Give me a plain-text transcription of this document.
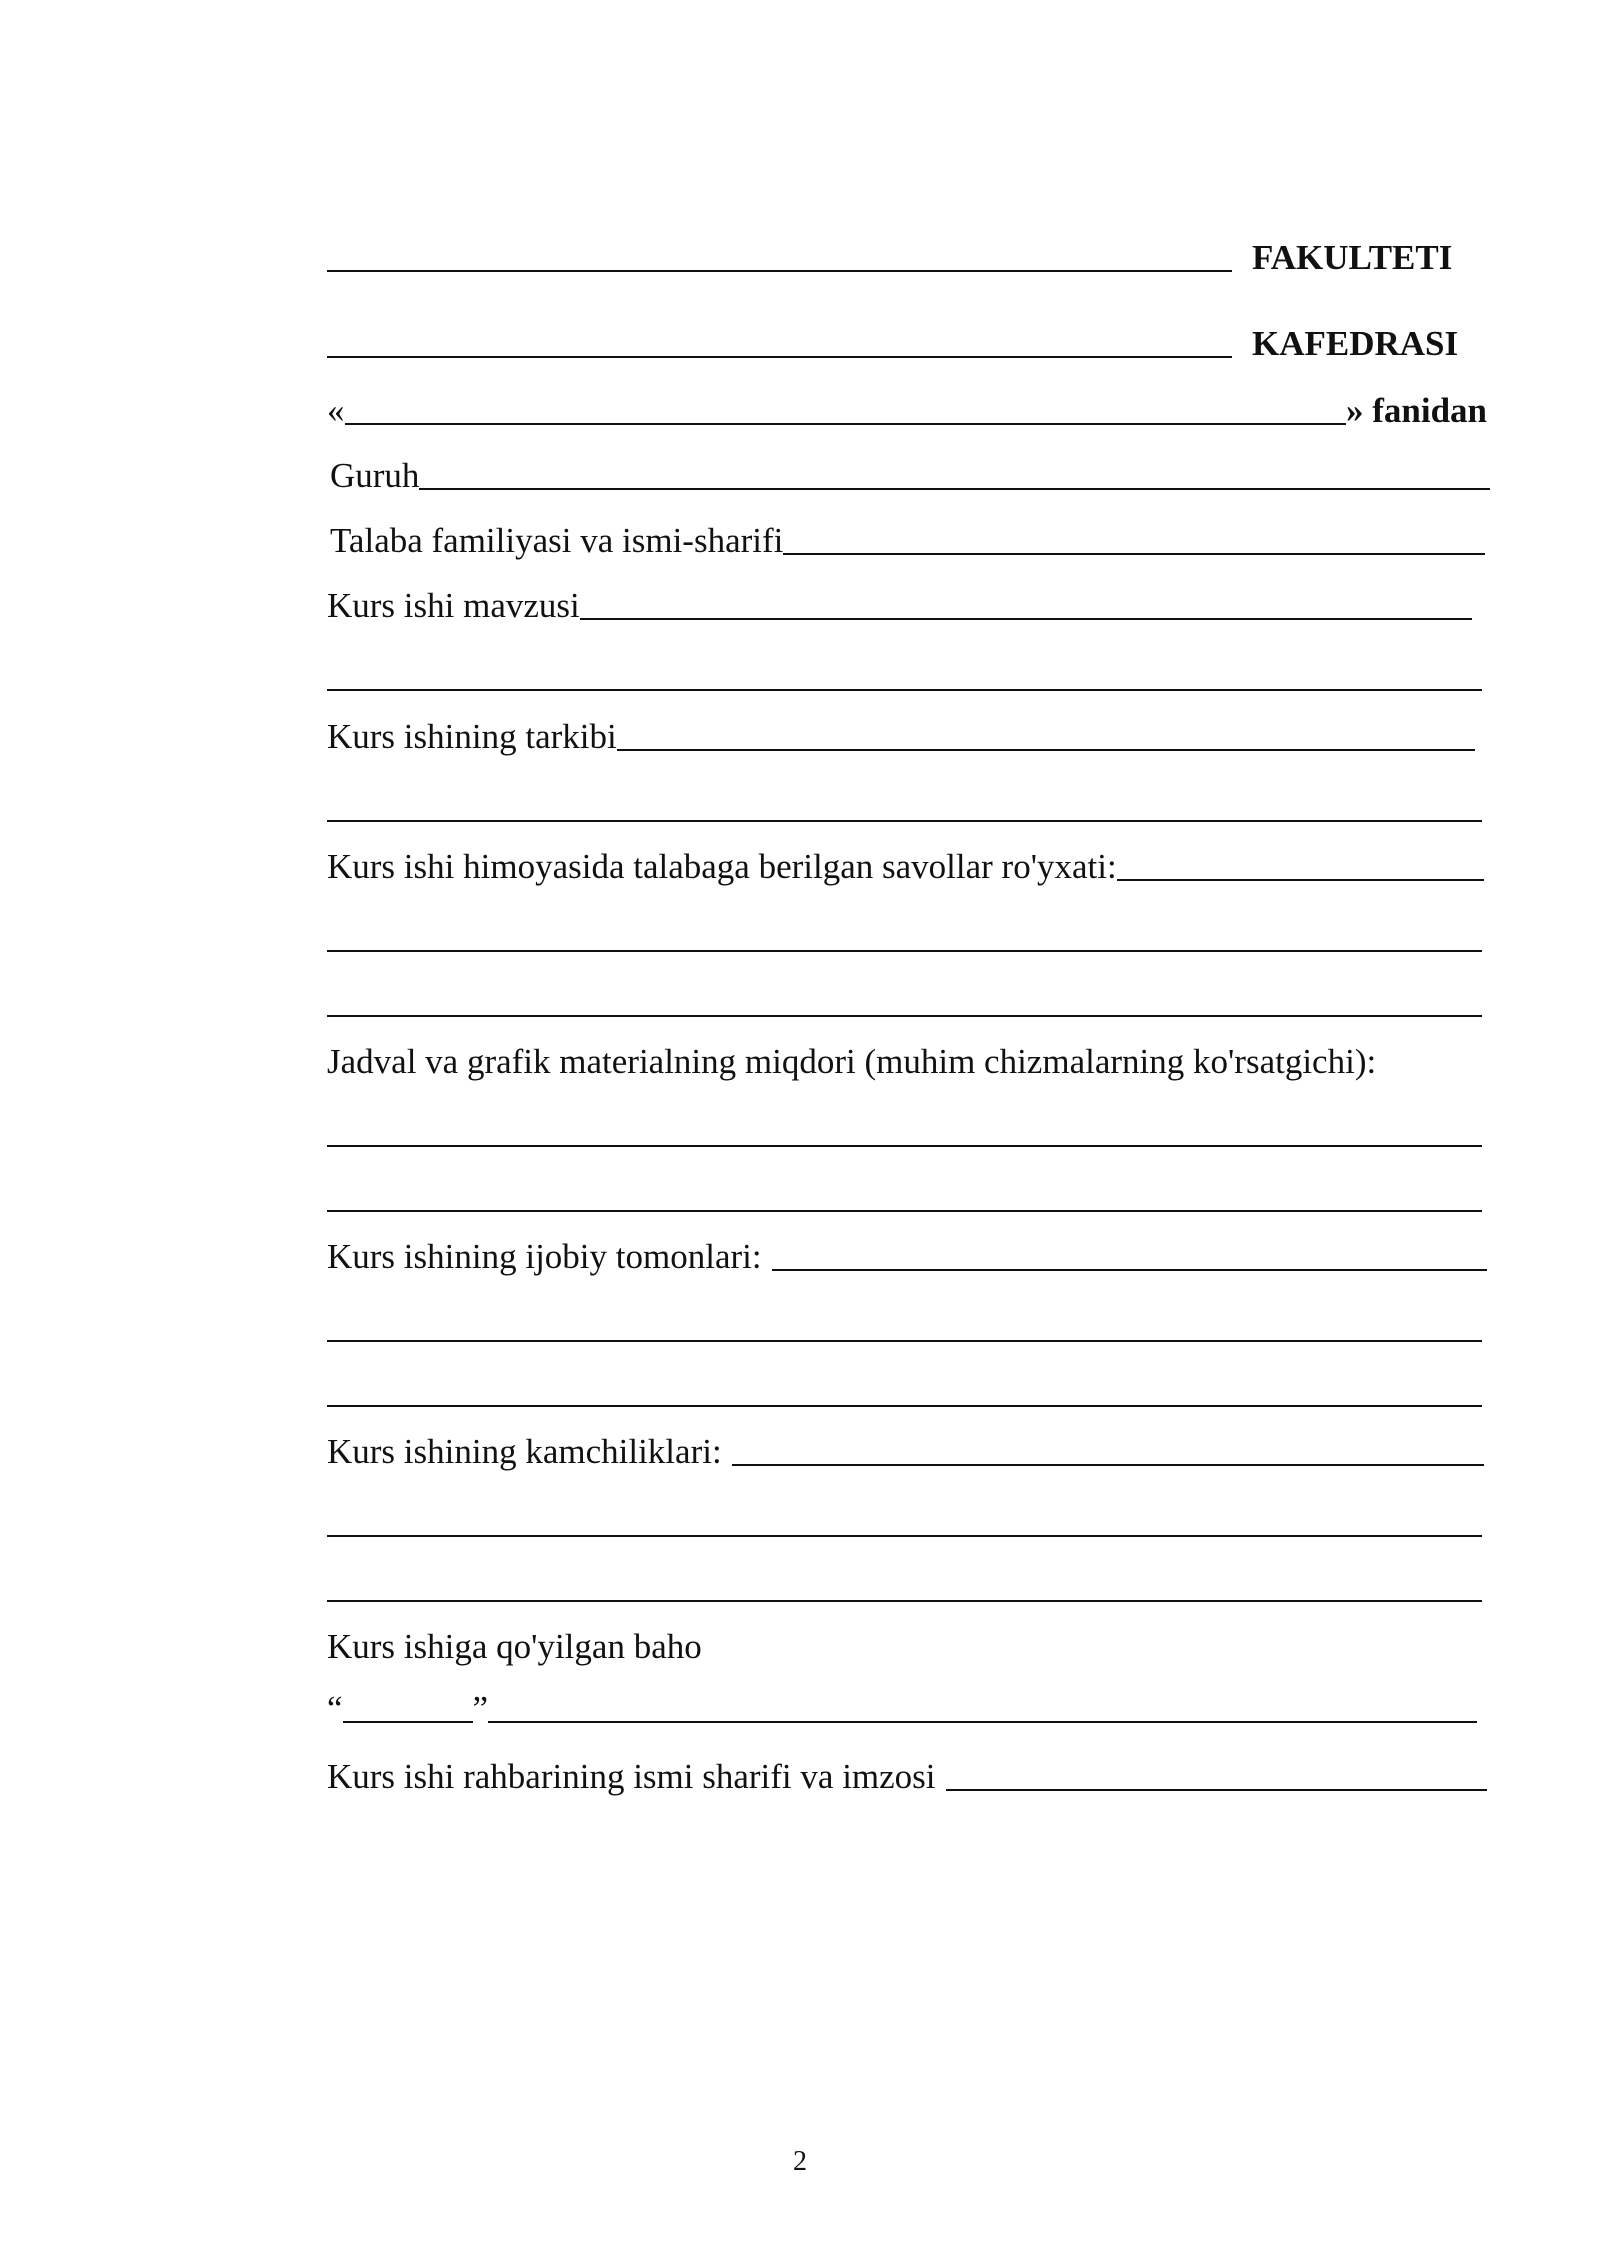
FAKULTETI
KAFEDRASI
«	» fanidan
Guruh
Talaba familiyasi va ismi-sharifi
Kurs ishi mavzusi
Kurs ishining tarkibi
Kurs ishi himoyasida talabaga berilgan savollar ro'yxati:
Jadval va grafik materialning miqdori (muhim chizmalarning ko'rsatgichi):
Kurs ishining ijobiy tomonlari:
Kurs ishining kamchiliklari:
Kurs ishiga qo'yilgan baho
“	”
Kurs ishi rahbarining ismi sharifi va imzosi
2
